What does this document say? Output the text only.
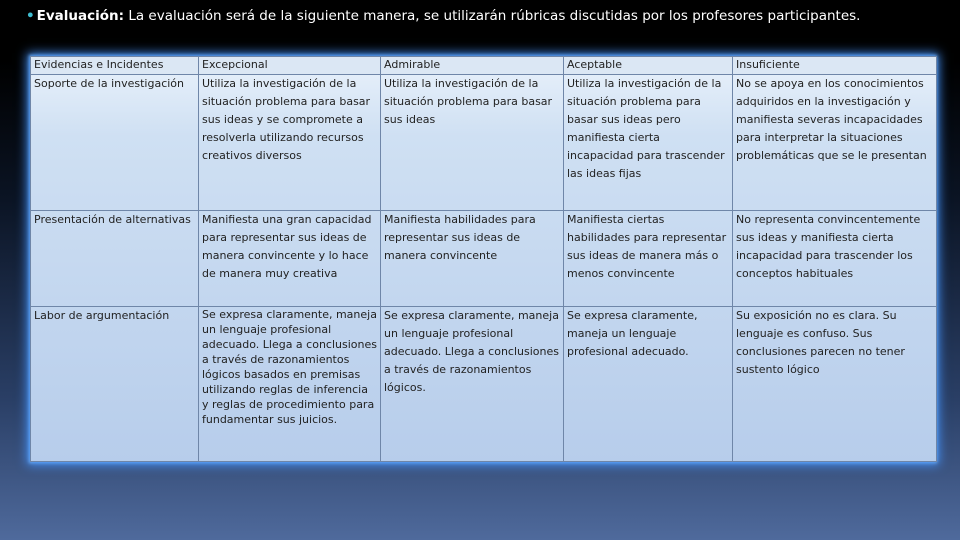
• Evaluación: La evaluación será de la siguiente manera, se utilizarán rúbricas discutidas por los profesores participantes.
Evidencias e Incidentes	Excepcional	Admirable	Aceptable	Insuficiente
Soporte de la investigación	Utiliza la investigación de la situación problema para basar sus ideas y se compromete a resolverla utilizando recursos creativos diversos	Utiliza la investigación de la situación problema para basar sus ideas	Utiliza la investigación de la situación problema para basar sus ideas pero manifiesta cierta incapacidad para trascender las ideas fijas	No se apoya en los conocimientos adquiridos en la investigación y manifiesta severas incapacidades para interpretar la situaciones problemáticas que se le presentan
Presentación de alternativas	Manifiesta una gran capacidad para representar sus ideas de manera convincente y lo hace de manera muy creativa	Manifiesta habilidades para representar sus ideas de manera convincente	Manifiesta ciertas habilidades para representar sus ideas de manera más o menos convincente	No representa convincentemente sus ideas y manifiesta cierta incapacidad para trascender los conceptos habituales
Labor de argumentación	Se expresa claramente, maneja un lenguaje profesional adecuado. Llega a conclusiones a través de razonamientos lógicos basados en premisas utilizando reglas de inferencia y reglas de procedimiento para fundamentar sus juicios.	Se expresa claramente, maneja un lenguaje profesional adecuado. Llega a conclusiones a través de razonamientos lógicos.	Se expresa claramente, maneja un lenguaje profesional adecuado.	Su exposición no es clara. Su lenguaje es confuso. Sus conclusiones parecen no tener sustento lógico
